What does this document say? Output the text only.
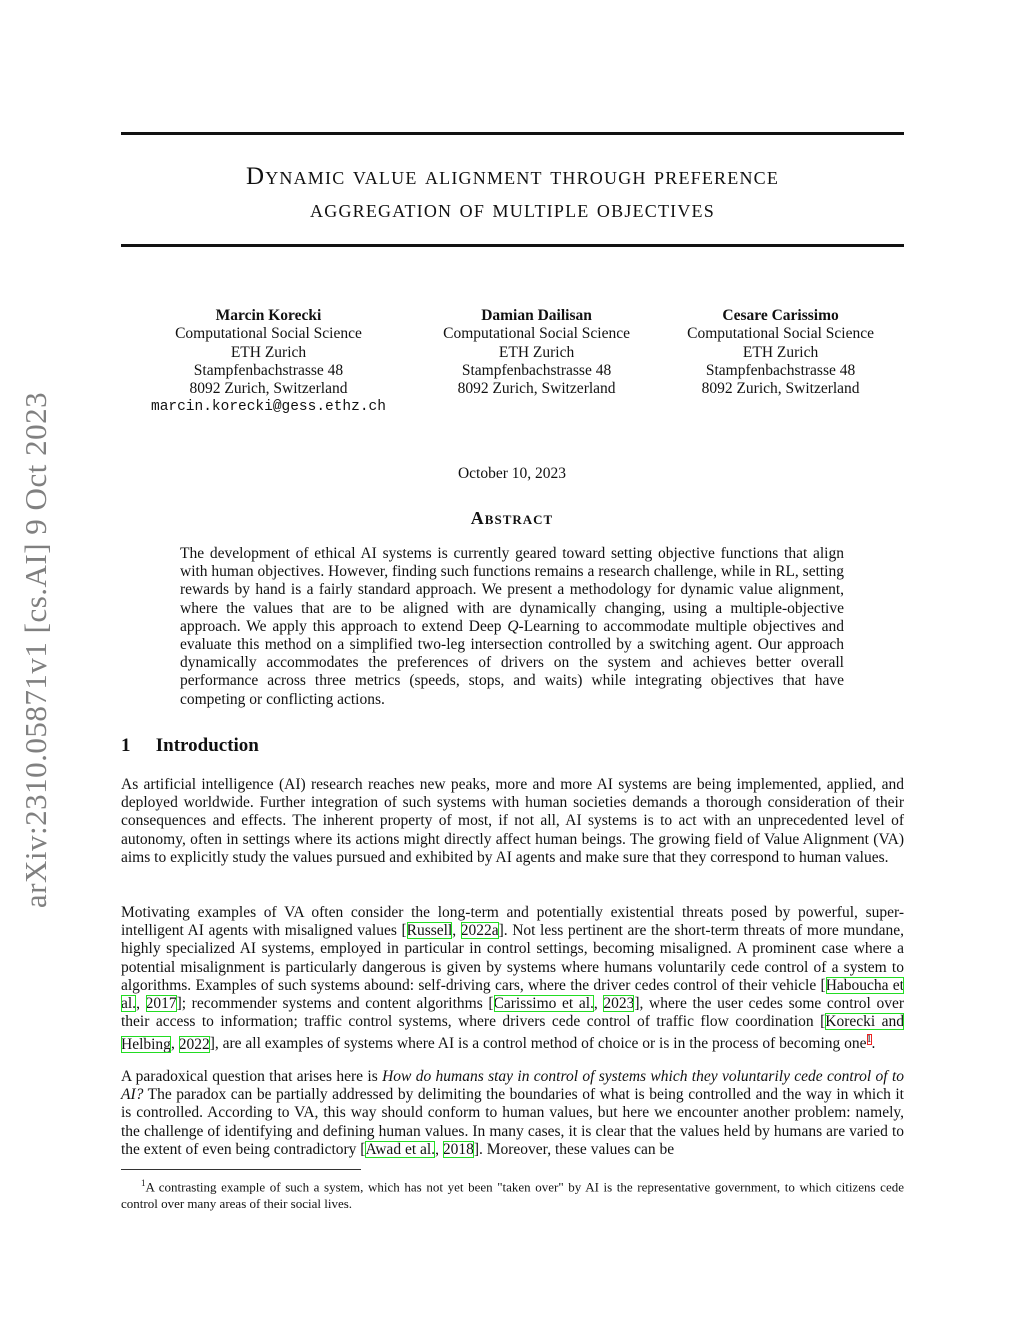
arXiv:2310.05871v1 [cs.AI] 9 Oct 2023
Dynamic value alignment through preference
aggregation of multiple objectives
Marcin Korecki
Computational Social Science
ETH Zurich
Stampfenbachstrasse 48
8092 Zurich, Switzerland
marcin.korecki@gess.ethz.ch
Damian Dailisan
Computational Social Science
ETH Zurich
Stampfenbachstrasse 48
8092 Zurich, Switzerland
Cesare Carissimo
Computational Social Science
ETH Zurich
Stampfenbachstrasse 48
8092 Zurich, Switzerland
October 10, 2023
Abstract
The development of ethical AI systems is currently geared toward setting objective functions that align with human objectives. However, finding such functions remains a research challenge, while in RL, setting rewards by hand is a fairly standard approach. We present a methodology for dynamic value alignment, where the values that are to be aligned with are dynamically changing, using a multiple-objective approach. We apply this approach to extend Deep Q-Learning to accommodate multiple objectives and evaluate this method on a simplified two-leg intersection controlled by a switching agent. Our approach dynamically accommodates the preferences of drivers on the system and achieves better overall performance across three metrics (speeds, stops, and waits) while integrating objectives that have competing or conflicting actions.
1 Introduction
As artificial intelligence (AI) research reaches new peaks, more and more AI systems are being implemented, applied, and deployed worldwide. Further integration of such systems with human societies demands a thorough consideration of their consequences and effects. The inherent property of most, if not all, AI systems is to act with an unprecedented level of autonomy, often in settings where its actions might directly affect human beings. The growing field of Value Alignment (VA) aims to explicitly study the values pursued and exhibited by AI agents and make sure that they correspond to human values.
Motivating examples of VA often consider the long-term and potentially existential threats posed by powerful, super-intelligent AI agents with misaligned values [Russell, 2022a]. Not less pertinent are the short-term threats of more mundane, highly specialized AI systems, employed in particular in control settings, becoming misaligned. A prominent case where a potential misalignment is particularly dangerous is given by systems where humans voluntarily cede control of a system to algorithms. Examples of such systems abound: self-driving cars, where the driver cedes control of their vehicle [Haboucha et al., 2017]; recommender systems and content algorithms [Carissimo et al., 2023], where the user cedes some control over their access to information; traffic control systems, where drivers cede control of traffic flow coordination [Korecki and Helbing, 2022], are all examples of systems where AI is a control method of choice or is in the process of becoming one$^1$.
A paradoxical question that arises here is How do humans stay in control of systems which they voluntarily cede control of to AI? The paradox can be partially addressed by delimiting the boundaries of what is being controlled and the way in which it is controlled. According to VA, this way should conform to human values, but here we encounter another problem: namely, the challenge of identifying and defining human values. In many cases, it is clear that the values held by humans are varied to the extent of even being contradictory [Awad et al., 2018]. Moreover, these values can be
$^1$A contrasting example of such a system, which has not yet been "taken over" by AI is the representative government, to which citizens cede control over many areas of their social lives.
